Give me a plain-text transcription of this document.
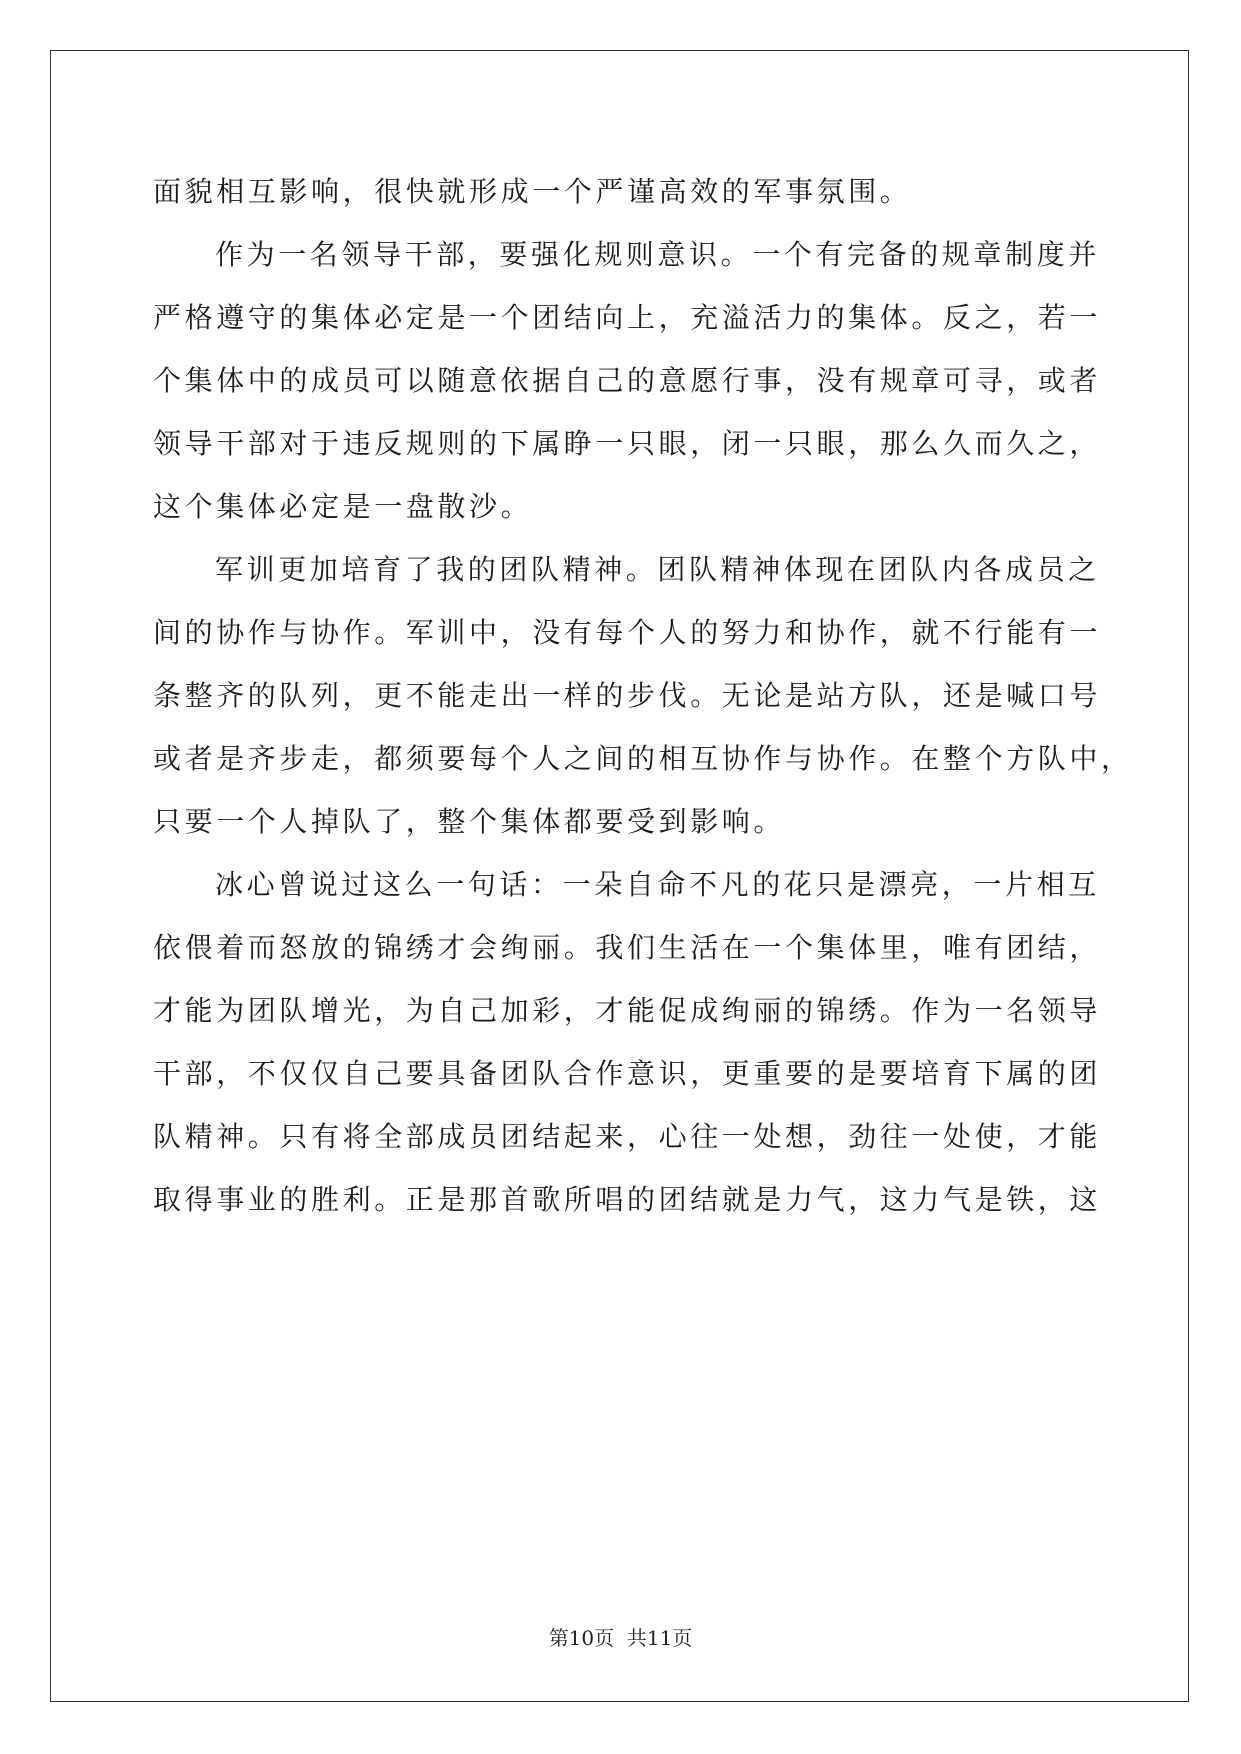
面貌相互影响，很快就形成一个严谨高效的军事氛围。
作为一名领导干部，要强化规则意识。一个有完备的规章制度并
严格遵守的集体必定是一个团结向上，充溢活力的集体。反之，若一
个集体中的成员可以随意依据自己的意愿行事，没有规章可寻，或者
领导干部对于违反规则的下属睁一只眼，闭一只眼，那么久而久之，
这个集体必定是一盘散沙。
军训更加培育了我的团队精神。团队精神体现在团队内各成员之
间的协作与协作。军训中，没有每个人的努力和协作，就不行能有一
条整齐的队列，更不能走出一样的步伐。无论是站方队，还是喊口号
或者是齐步走，都须要每个人之间的相互协作与协作。在整个方队中，
只要一个人掉队了，整个集体都要受到影响。
冰心曾说过这么一句话：一朵自命不凡的花只是漂亮，一片相互
依偎着而怒放的锦绣才会绚丽。我们生活在一个集体里，唯有团结，
才能为团队增光，为自己加彩，才能促成绚丽的锦绣。作为一名领导
干部，不仅仅自己要具备团队合作意识，更重要的是要培育下属的团
队精神。只有将全部成员团结起来，心往一处想，劲往一处使，才能
取得事业的胜利。正是那首歌所唱的团结就是力气，这力气是铁，这
第10页  共11页
